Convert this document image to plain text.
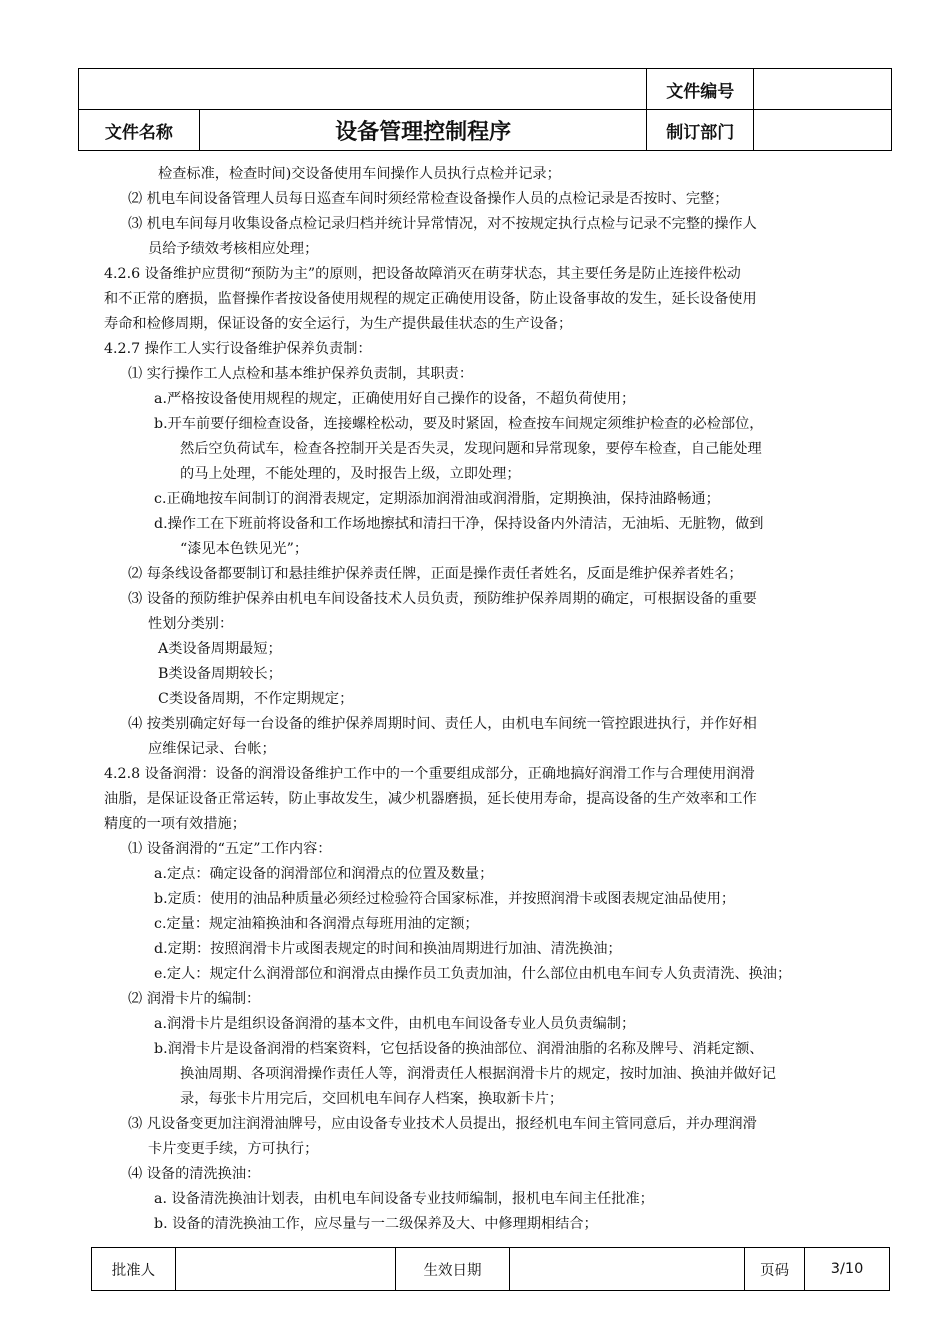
		文件编号	
文件名称	设备管理控制程序	制订部门	
检查标准，检查时间)交设备使用车间操作人员执行点检并记录；
⑵ 机电车间设备管理人员每日巡查车间时须经常检查设备操作人员的点检记录是否按时、完整；
⑶ 机电车间每月收集设备点检记录归档并统计异常情况，对不按规定执行点检与记录不完整的操作人
员给予绩效考核相应处理；
4.2.6 设备维护应贯彻“预防为主”的原则，把设备故障消灭在萌芽状态，其主要任务是防止连接件松动
和不正常的磨损，监督操作者按设备使用规程的规定正确使用设备，防止设备事故的发生，延长设备使用
寿命和检修周期，保证设备的安全运行，为生产提供最佳状态的生产设备；
4.2.7 操作工人实行设备维护保养负责制：
⑴ 实行操作工人点检和基本维护保养负责制，其职责：
a.严格按设备使用规程的规定，正确使用好自己操作的设备，不超负荷使用；
b.开车前要仔细检查设备，连接螺栓松动，要及时紧固，检查按车间规定须维护检查的必检部位，
然后空负荷试车，检查各控制开关是否失灵，发现问题和异常现象，要停车检查，自己能处理
的马上处理，不能处理的，及时报告上级，立即处理；
c.正确地按车间制订的润滑表规定，定期添加润滑油或润滑脂，定期换油，保持油路畅通；
d.操作工在下班前将设备和工作场地擦拭和清扫干净，保持设备内外清洁，无油垢、无脏物，做到
“漆见本色铁见光”；
⑵ 每条线设备都要制订和悬挂维护保养责任牌，正面是操作责任者姓名，反面是维护保养者姓名；
⑶ 设备的预防维护保养由机电车间设备技术人员负责，预防维护保养周期的确定，可根据设备的重要
性划分类别：
A类设备周期最短；
B类设备周期较长；
C类设备周期，不作定期规定；
⑷ 按类别确定好每一台设备的维护保养周期时间、责任人，由机电车间统一管控跟进执行，并作好相
应维保记录、台帐；
4.2.8 设备润滑：设备的润滑设备维护工作中的一个重要组成部分，正确地搞好润滑工作与合理使用润滑
油脂，是保证设备正常运转，防止事故发生，减少机器磨损，延长使用寿命，提高设备的生产效率和工作
精度的一项有效措施；
⑴ 设备润滑的“五定”工作内容：
a.定点：确定设备的润滑部位和润滑点的位置及数量；
b.定质：使用的油品种质量必须经过检验符合国家标准，并按照润滑卡或图表规定油品使用；
c.定量：规定油箱换油和各润滑点每班用油的定额；
d.定期：按照润滑卡片或图表规定的时间和换油周期进行加油、清洗换油；
e.定人：规定什么润滑部位和润滑点由操作员工负责加油，什么部位由机电车间专人负责清洗、换油；
⑵ 润滑卡片的编制：
a.润滑卡片是组织设备润滑的基本文件，由机电车间设备专业人员负责编制；
b.润滑卡片是设备润滑的档案资料，它包括设备的换油部位、润滑油脂的名称及牌号、消耗定额、
换油周期、各项润滑操作责任人等，润滑责任人根据润滑卡片的规定，按时加油、换油并做好记
录，每张卡片用完后，交回机电车间存人档案，换取新卡片；
⑶ 凡设备变更加注润滑油牌号，应由设备专业技术人员提出，报经机电车间主管同意后，并办理润滑
卡片变更手续，方可执行；
⑷ 设备的清洗换油：
a. 设备清洗换油计划表，由机电车间设备专业技师编制，报机电车间主任批准；
b. 设备的清洗换油工作，应尽量与一二级保养及大、中修理期相结合；
批准人		生效日期		页码	3/10
